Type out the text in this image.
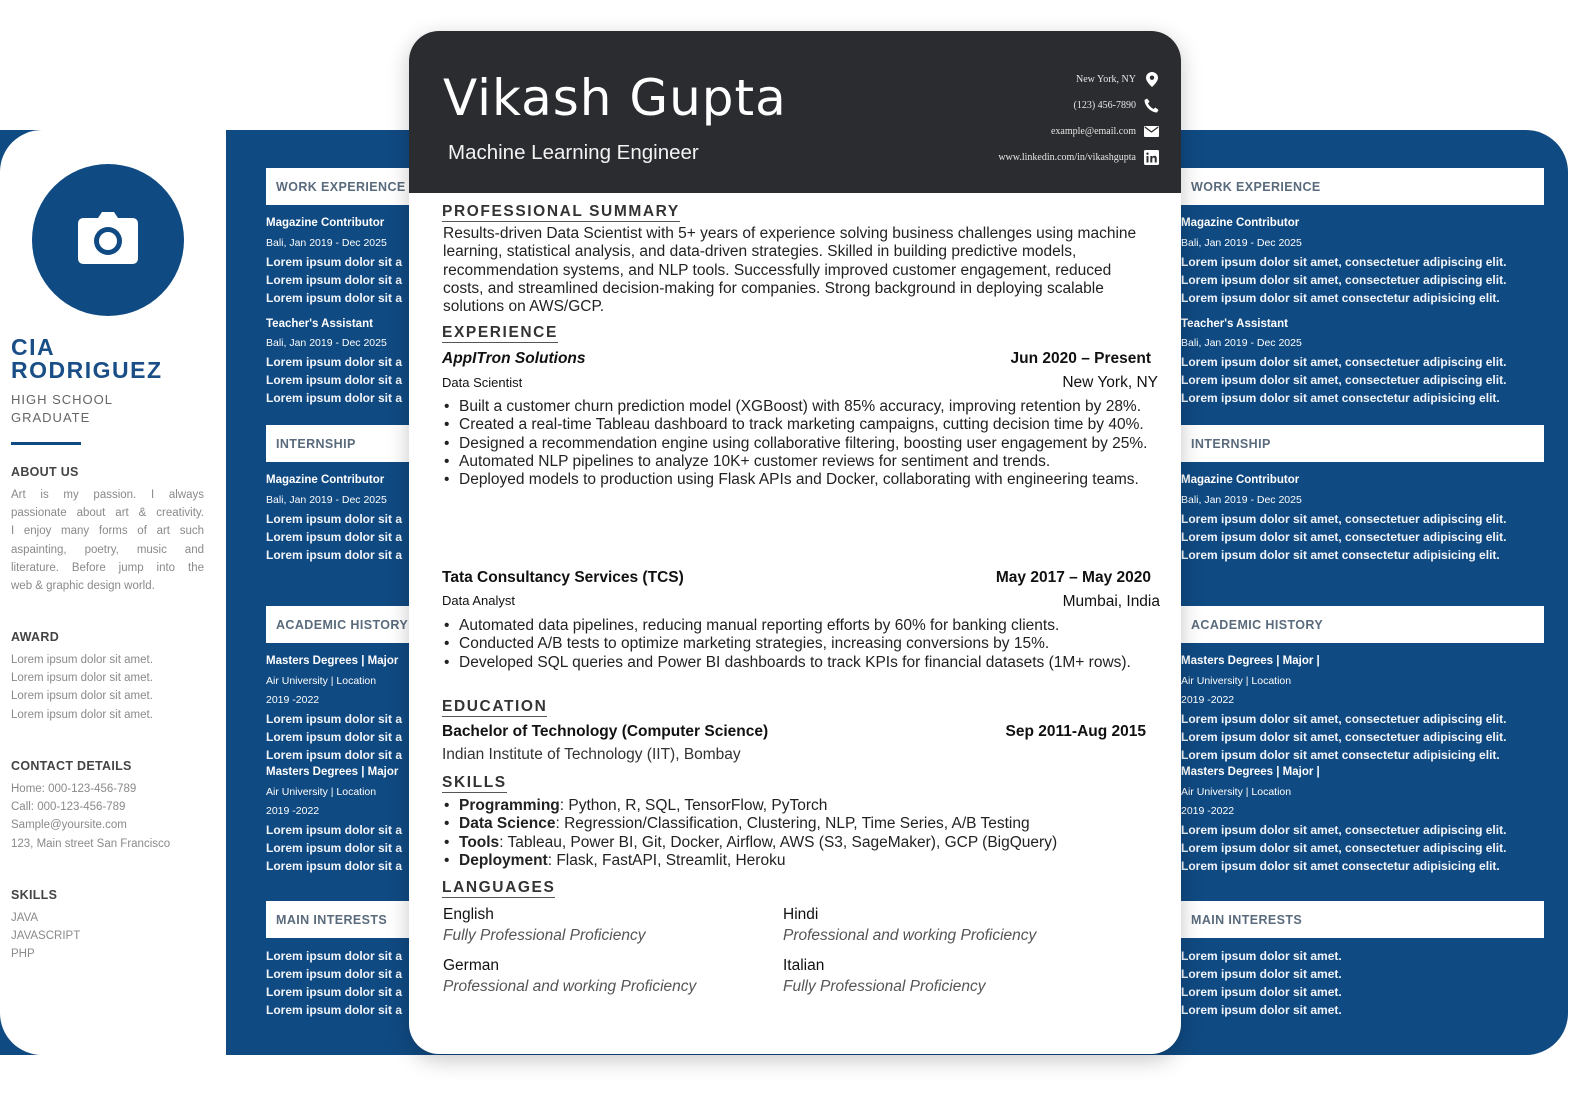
CIA
RODRIGUEZ
HIGH SCHOOL
GRADUATE
ABOUT US
Art is my passion. I always
passionate about art & creativity.
I enjoy many forms of art such
aspainting, poetry, music and
literature. Before jump into the
web & graphic design world.
AWARD
Lorem ipsum dolor sit amet.
Lorem ipsum dolor sit amet.
Lorem ipsum dolor sit amet.
Lorem ipsum dolor sit amet.
CONTACT DETAILS
Home: 000-123-456-789
Call: 000-123-456-789
Sample@yoursite.com
123, Main street San Francisco
SKILLS
JAVA
JAVASCRIPT
PHP
WORK EXPERIENCE
Magazine Contributor
Bali, Jan 2019 - Dec 2025
Lorem ipsum dolor sit a
Lorem ipsum dolor sit a
Lorem ipsum dolor sit a
Teacher's Assistant
Bali, Jan 2019 - Dec 2025
Lorem ipsum dolor sit a
Lorem ipsum dolor sit a
Lorem ipsum dolor sit a
INTERNSHIP
Magazine Contributor
Bali, Jan 2019 - Dec 2025
Lorem ipsum dolor sit a
Lorem ipsum dolor sit a
Lorem ipsum dolor sit a
ACADEMIC HISTORY
Masters Degrees | Major
Air University | Location
2019 -2022
Lorem ipsum dolor sit a
Lorem ipsum dolor sit a
Lorem ipsum dolor sit a
Masters Degrees | Major
Air University | Location
2019 -2022
Lorem ipsum dolor sit a
Lorem ipsum dolor sit a
Lorem ipsum dolor sit a
MAIN INTERESTS
Lorem ipsum dolor sit a
Lorem ipsum dolor sit a
Lorem ipsum dolor sit a
Lorem ipsum dolor sit a
WORK EXPERIENCE
Magazine Contributor
Bali, Jan 2019 - Dec 2025
Lorem ipsum dolor sit amet, consectetuer adipiscing elit.
Lorem ipsum dolor sit amet, consectetuer adipiscing elit.
Lorem ipsum dolor sit amet consectetur adipisicing elit.
Teacher's Assistant
Bali, Jan 2019 - Dec 2025
Lorem ipsum dolor sit amet, consectetuer adipiscing elit.
Lorem ipsum dolor sit amet, consectetuer adipiscing elit.
Lorem ipsum dolor sit amet consectetur adipisicing elit.
INTERNSHIP
Magazine Contributor
Bali, Jan 2019 - Dec 2025
Lorem ipsum dolor sit amet, consectetuer adipiscing elit.
Lorem ipsum dolor sit amet, consectetuer adipiscing elit.
Lorem ipsum dolor sit amet consectetur adipisicing elit.
ACADEMIC HISTORY
Masters Degrees | Major |
Air University | Location
2019 -2022
Lorem ipsum dolor sit amet, consectetuer adipiscing elit.
Lorem ipsum dolor sit amet, consectetuer adipiscing elit.
Lorem ipsum dolor sit amet consectetur adipisicing elit.
Masters Degrees | Major |
Air University | Location
2019 -2022
Lorem ipsum dolor sit amet, consectetuer adipiscing elit.
Lorem ipsum dolor sit amet, consectetuer adipiscing elit.
Lorem ipsum dolor sit amet consectetur adipisicing elit.
MAIN INTERESTS
Lorem ipsum dolor sit amet.
Lorem ipsum dolor sit amet.
Lorem ipsum dolor sit amet.
Lorem ipsum dolor sit amet.
Vikash Gupta
Machine Learning Engineer
New York, NY
(123) 456-7890
example@email.com
www.linkedin.com/in/vikashgupta
PROFESSIONAL SUMMARY
Results-driven Data Scientist with 5+ years of experience solving business challenges using machine learning, statistical analysis, and data-driven strategies. Skilled in building predictive models, recommendation systems, and NLP tools. Successfully improved customer engagement, reduced costs, and streamlined decision-making for companies. Strong background in deploying scalable solutions on AWS/GCP.
EXPERIENCE
AppITron Solutions	Jun 2020 – Present
Data Scientist	New York, NY
• Built a customer churn prediction model (XGBoost) with 85% accuracy, improving retention by 28%.
• Created a real-time Tableau dashboard to track marketing campaigns, cutting decision time by 40%.
• Designed a recommendation engine using collaborative filtering, boosting user engagement by 25%.
• Automated NLP pipelines to analyze 10K+ customer reviews for sentiment and trends.
• Deployed models to production using Flask APIs and Docker, collaborating with engineering teams.
Tata Consultancy Services (TCS)	May 2017 – May 2020
Data Analyst	Mumbai, India
• Automated data pipelines, reducing manual reporting efforts by 60% for banking clients.
• Conducted A/B tests to optimize marketing strategies, increasing conversions by 15%.
• Developed SQL queries and Power BI dashboards to track KPIs for financial datasets (1M+ rows).
EDUCATION
Bachelor of Technology (Computer Science)	Sep 2011-Aug 2015
Indian Institute of Technology (IIT), Bombay
SKILLS
• Programming: Python, R, SQL, TensorFlow, PyTorch
• Data Science: Regression/Classification, Clustering, NLP, Time Series, A/B Testing
• Tools: Tableau, Power BI, Git, Docker, Airflow, AWS (S3, SageMaker), GCP (BigQuery)
• Deployment: Flask, FastAPI, Streamlit, Heroku
LANGUAGES
English
Fully Professional Proficiency
Hindi
Professional and working Proficiency
German
Professional and working Proficiency
Italian
Fully Professional Proficiency
